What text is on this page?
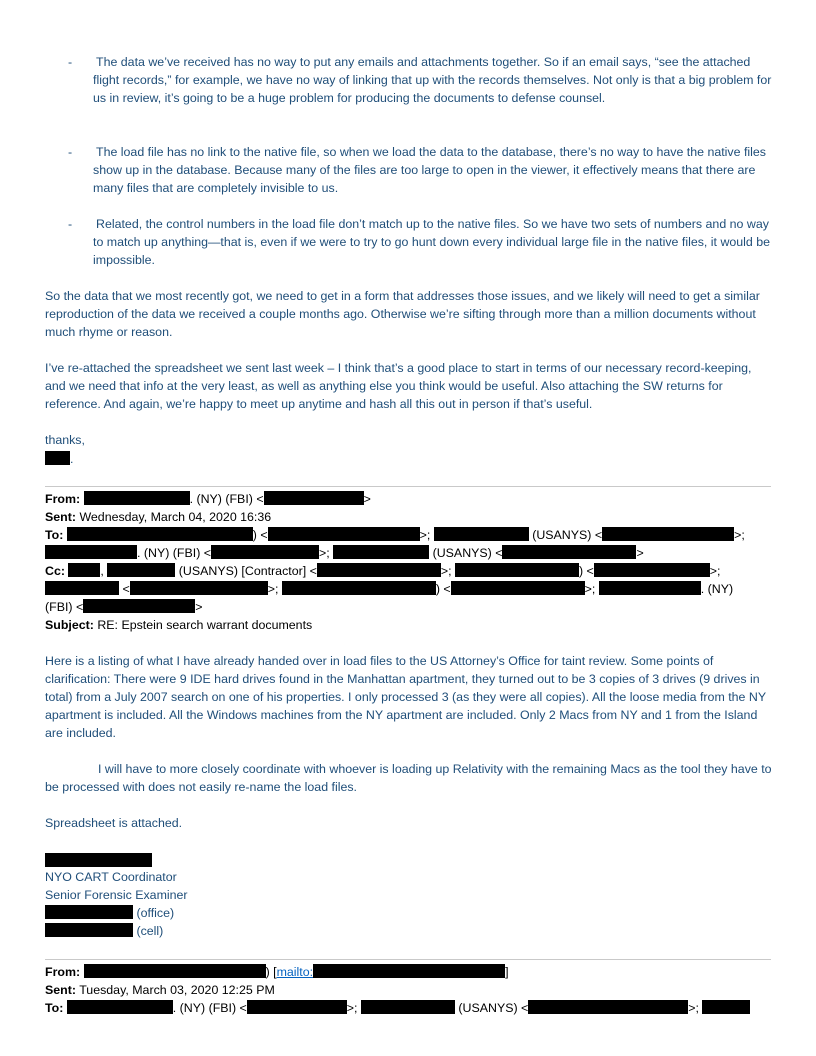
-	The data we’ve received has no way to put any emails and attachments together. So if an email says, “see the attached flight records,” for example, we have no way of linking that up with the records themselves. Not only is that a big problem for us in review, it’s going to be a huge problem for producing the documents to defense counsel.
-	The load file has no link to the native file, so when we load the data to the database, there’s no way to have the native files show up in the database. Because many of the files are too large to open in the viewer, it effectively means that there are many files that are completely invisible to us.
-	Related, the control numbers in the load file don’t match up to the native files. So we have two sets of numbers and no way to match up anything—that is, even if we were to try to go hunt down every individual large file in the native files, it would be impossible.
So the data that we most recently got, we need to get in a form that addresses those issues, and we likely will need to get a similar reproduction of the data we received a couple months ago. Otherwise we’re sifting through more than a million documents without much rhyme or reason.
I’ve re-attached the spreadsheet we sent last week – I think that’s a good place to start in terms of our necessary record-keeping, and we need that info at the very least, as well as anything else you think would be useful. Also attaching the SW returns for reference. And again, we’re happy to meet up anytime and hash all this out in person if that’s useful.
thanks,
.
From:	. (NY) (FBI) <	>
Sent: Wednesday, March 04, 2020 16:36
To:	) <	>;	(USANYS) <	>;
. (NY) (FBI) <	>;	(USANYS) <	>
Cc:	,	(USANYS) [Contractor] <	>;	) <	>;
<	>;	) <	>;	. (NY)
(FBI) <	>
Subject: RE: Epstein search warrant documents
Here is a listing of what I have already handed over in load files to the US Attorney’s Office for taint review. Some points of clarification: There were 9 IDE hard drives found in the Manhattan apartment, they turned out to be 3 copies of 3 drives (9 drives in total) from a July 2007 search on one of his properties. I only processed 3 (as they were all copies). All the loose media from the NY apartment is included. All the Windows machines from the NY apartment are included. Only 2 Macs from NY and 1 from the Island are included.
I will have to more closely coordinate with whoever is loading up Relativity with the remaining Macs as the tool they have to be processed with does not easily re-name the load files.
Spreadsheet is attached.
NYO CART Coordinator
Senior Forensic Examiner
(office)
(cell)
From:	) [mailto:	]
Sent: Tuesday, March 03, 2020 12:25 PM
To:	. (NY) (FBI) <	>;	(USANYS) <	>;
